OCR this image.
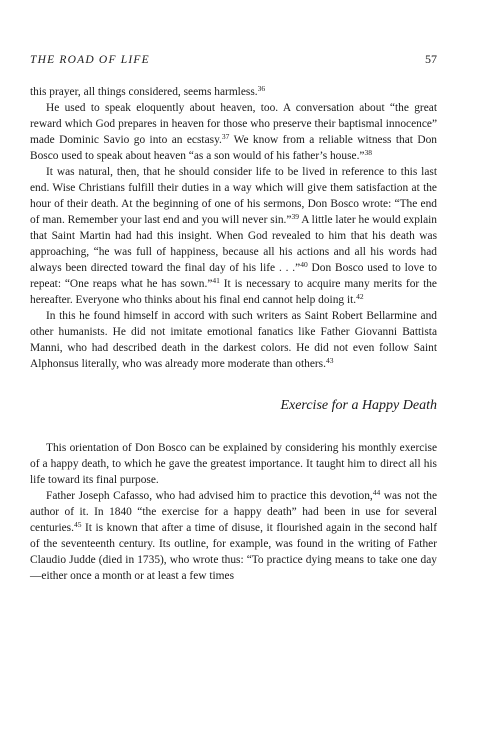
THE ROAD OF LIFE	57

this prayer, all things considered, seems harmless.$^{36}$

He used to speak eloquently about heaven, too. A conversation about “the great reward which God prepares in heaven for those who preserve their baptismal innocence” made Dominic Savio go into an ecstasy.$^{37}$ We know from a reliable witness that Don Bosco used to speak about heaven “as a son would of his father’s house.”$^{38}$

It was natural, then, that he should consider life to be lived in reference to this last end. Wise Christians fulfill their duties in a way which will give them satisfaction at the hour of their death. At the beginning of one of his sermons, Don Bosco wrote: “The end of man. Remember your last end and you will never sin.”$^{39}$ A little later he would explain that Saint Martin had had this insight. When God revealed to him that his death was approaching, “he was full of happiness, because all his actions and all his words had always been directed toward the final day of his life . . .”$^{40}$ Don Bosco used to love to repeat: “One reaps what he has sown.”$^{41}$ It is necessary to acquire many merits for the hereafter. Everyone who thinks about his final end cannot help doing it.$^{42}$

In this he found himself in accord with such writers as Saint Robert Bellarmine and other humanists. He did not imitate emotional fanatics like Father Giovanni Battista Manni, who had described death in the darkest colors. He did not even follow Saint Alphonsus literally, who was already more moderate than others.$^{43}$

Exercise for a Happy Death

This orientation of Don Bosco can be explained by considering his monthly exercise of a happy death, to which he gave the greatest importance. It taught him to direct all his life toward its final purpose.

Father Joseph Cafasso, who had advised him to practice this devotion,$^{44}$ was not the author of it. In 1840 “the exercise for a happy death” had been in use for several centuries.$^{45}$ It is known that after a time of disuse, it flourished again in the second half of the seventeenth century. Its outline, for example, was found in the writing of Father Claudio Judde (died in 1735), who wrote thus: “To practice dying means to take one day—either once a month or at least a few times
